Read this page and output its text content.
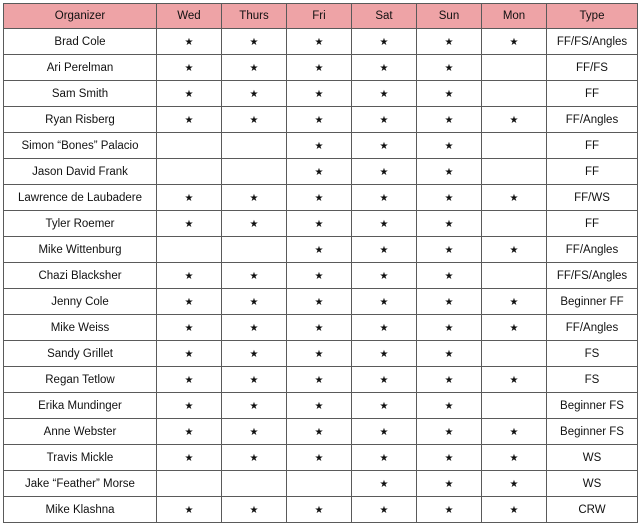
Organizer	Wed	Thurs	Fri	Sat	Sun	Mon	Type
Brad Cole	★	★	★	★	★	★	FF/FS/Angles
Ari Perelman	★	★	★	★	★		FF/FS
Sam Smith	★	★	★	★	★		FF
Ryan Risberg	★	★	★	★	★	★	FF/Angles
Simon “Bones” Palacio			★	★	★		FF
Jason David Frank			★	★	★		FF
Lawrence de Laubadere	★	★	★	★	★	★	FF/WS
Tyler Roemer	★	★	★	★	★		FF
Mike Wittenburg			★	★	★	★	FF/Angles
Chazi Blacksher	★	★	★	★	★		FF/FS/Angles
Jenny Cole	★	★	★	★	★	★	Beginner FF
Mike Weiss	★	★	★	★	★	★	FF/Angles
Sandy Grillet	★	★	★	★	★		FS
Regan Tetlow	★	★	★	★	★	★	FS
Erika Mundinger	★	★	★	★	★		Beginner FS
Anne Webster	★	★	★	★	★	★	Beginner FS
Travis Mickle	★	★	★	★	★	★	WS
Jake “Feather” Morse				★	★	★	WS
Mike Klashna	★	★	★	★	★	★	CRW
